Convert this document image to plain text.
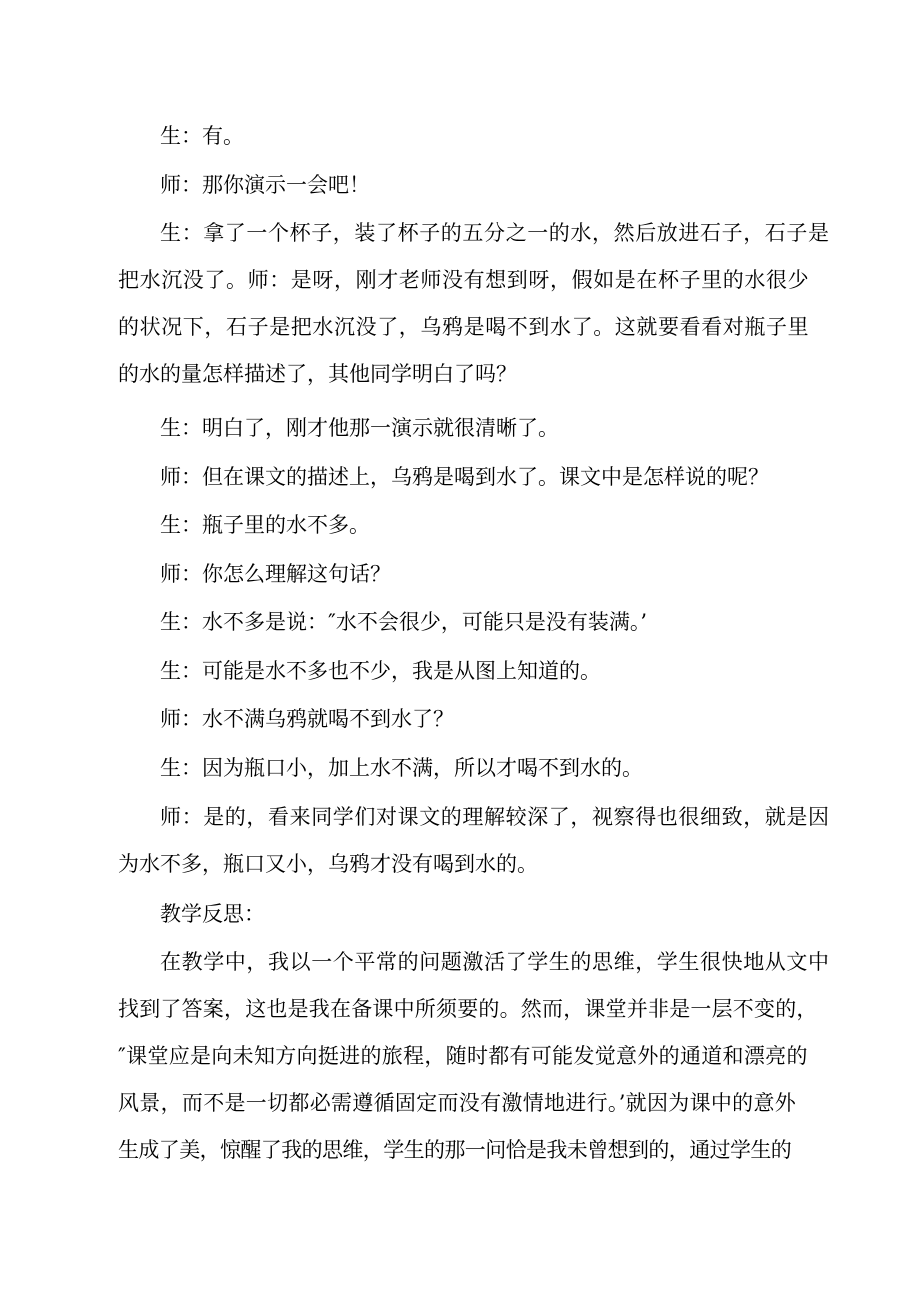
生：有。
师：那你演示一会吧！
生：拿了一个杯子，装了杯子的五分之一的水，然后放进石子，石子是
把水沉没了。师：是呀，刚才老师没有想到呀，假如是在杯子里的水很少
的状况下，石子是把水沉没了，乌鸦是喝不到水了。这就要看看对瓶子里
的水的量怎样描述了，其他同学明白了吗？
生：明白了，刚才他那一演示就很清晰了。
师：但在课文的描述上，乌鸦是喝到水了。课文中是怎样说的呢？
生：瓶子里的水不多。
师：你怎么理解这句话？
生：水不多是说：″水不会很少，可能只是没有装满。’
生：可能是水不多也不少，我是从图上知道的。
师：水不满乌鸦就喝不到水了？
生：因为瓶口小，加上水不满，所以才喝不到水的。
师：是的，看来同学们对课文的理解较深了，视察得也很细致，就是因
为水不多，瓶口又小，乌鸦才没有喝到水的。
教学反思：
在教学中，我以一个平常的问题激活了学生的思维，学生很快地从文中
找到了答案，这也是我在备课中所须要的。然而，课堂并非是一层不变的，
″课堂应是向未知方向挺进的旅程，随时都有可能发觉意外的通道和漂亮的
风景，而不是一切都必需遵循固定而没有激情地进行。’就因为课中的意外
生成了美，惊醒了我的思维，学生的那一问恰是我未曾想到的，通过学生的
